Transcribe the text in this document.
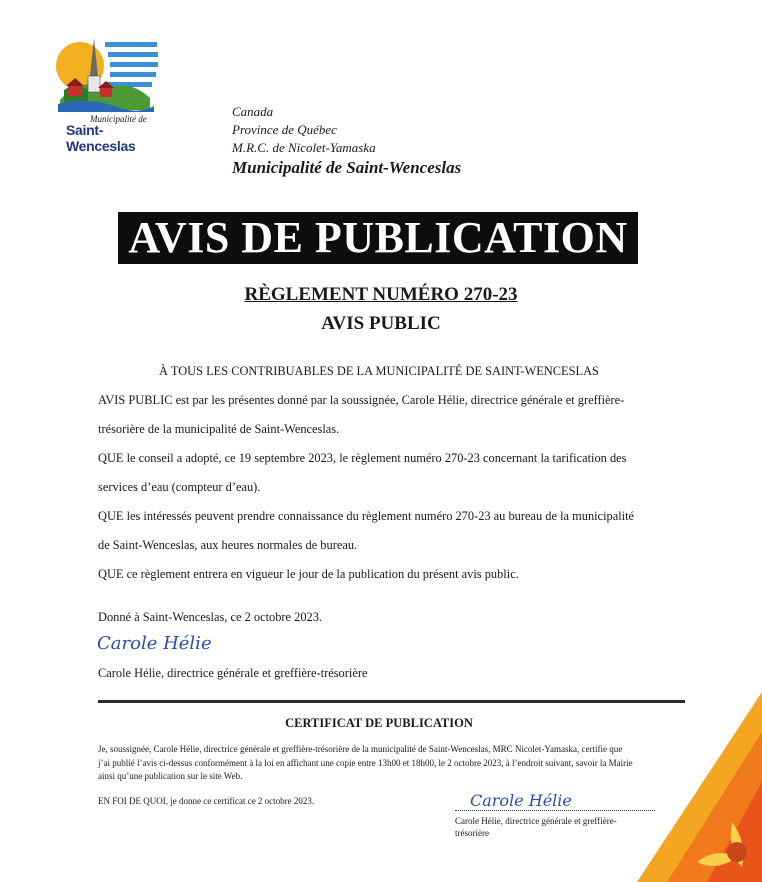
Municipalité de
Saint-Wenceslas
Canada
Province de Québec
M.R.C. de Nicolet-Yamaska
Municipalité de Saint-Wenceslas
AVIS DE PUBLICATION
RÈGLEMENT NUMÉRO 270-23
AVIS PUBLIC

À TOUS LES CONTRIBUABLES DE LA MUNICIPALITÉ DE SAINT-WENCESLAS

AVIS PUBLIC est par les présentes donné par la soussignée, Carole Hélie, directrice générale et greffière-

trésorière de la municipalité de Saint-Wenceslas.

QUE le conseil a adopté, ce 19 septembre 2023, le règlement numéro 270-23 concernant la tarification des

services d’eau (compteur d’eau).

QUE les intéressés peuvent prendre connaissance du règlement numéro 270-23 au bureau de la municipalité

de Saint-Wenceslas, aux heures normales de bureau.

QUE ce règlement entrera en vigueur le jour de la publication du présent avis public.

Donné à Saint-Wenceslas, ce 2 octobre 2023.

Carole Hélie
Carole Hélie, directrice générale et greffière-trésorière
CERTIFICAT DE PUBLICATION
Je, soussignée, Carole Hélie, directrice générale et greffière-trésorière de la municipalité de Saint-Wenceslas, MRC Nicolet-Yamaska, certifie que
j’ai publié l’avis ci-dessus conformément à la loi en affichant une copie entre 13h00 et 18h00, le 2 octobre 2023, à l’endroit suivant, savoir la Mairie
ainsi qu’une publication sur le site Web.
EN FOI DE QUOI, je donne ce certificat ce 2 octobre 2023.	Carole Hélie
Carole Hélie, directrice générale et greffière-
trésorière
